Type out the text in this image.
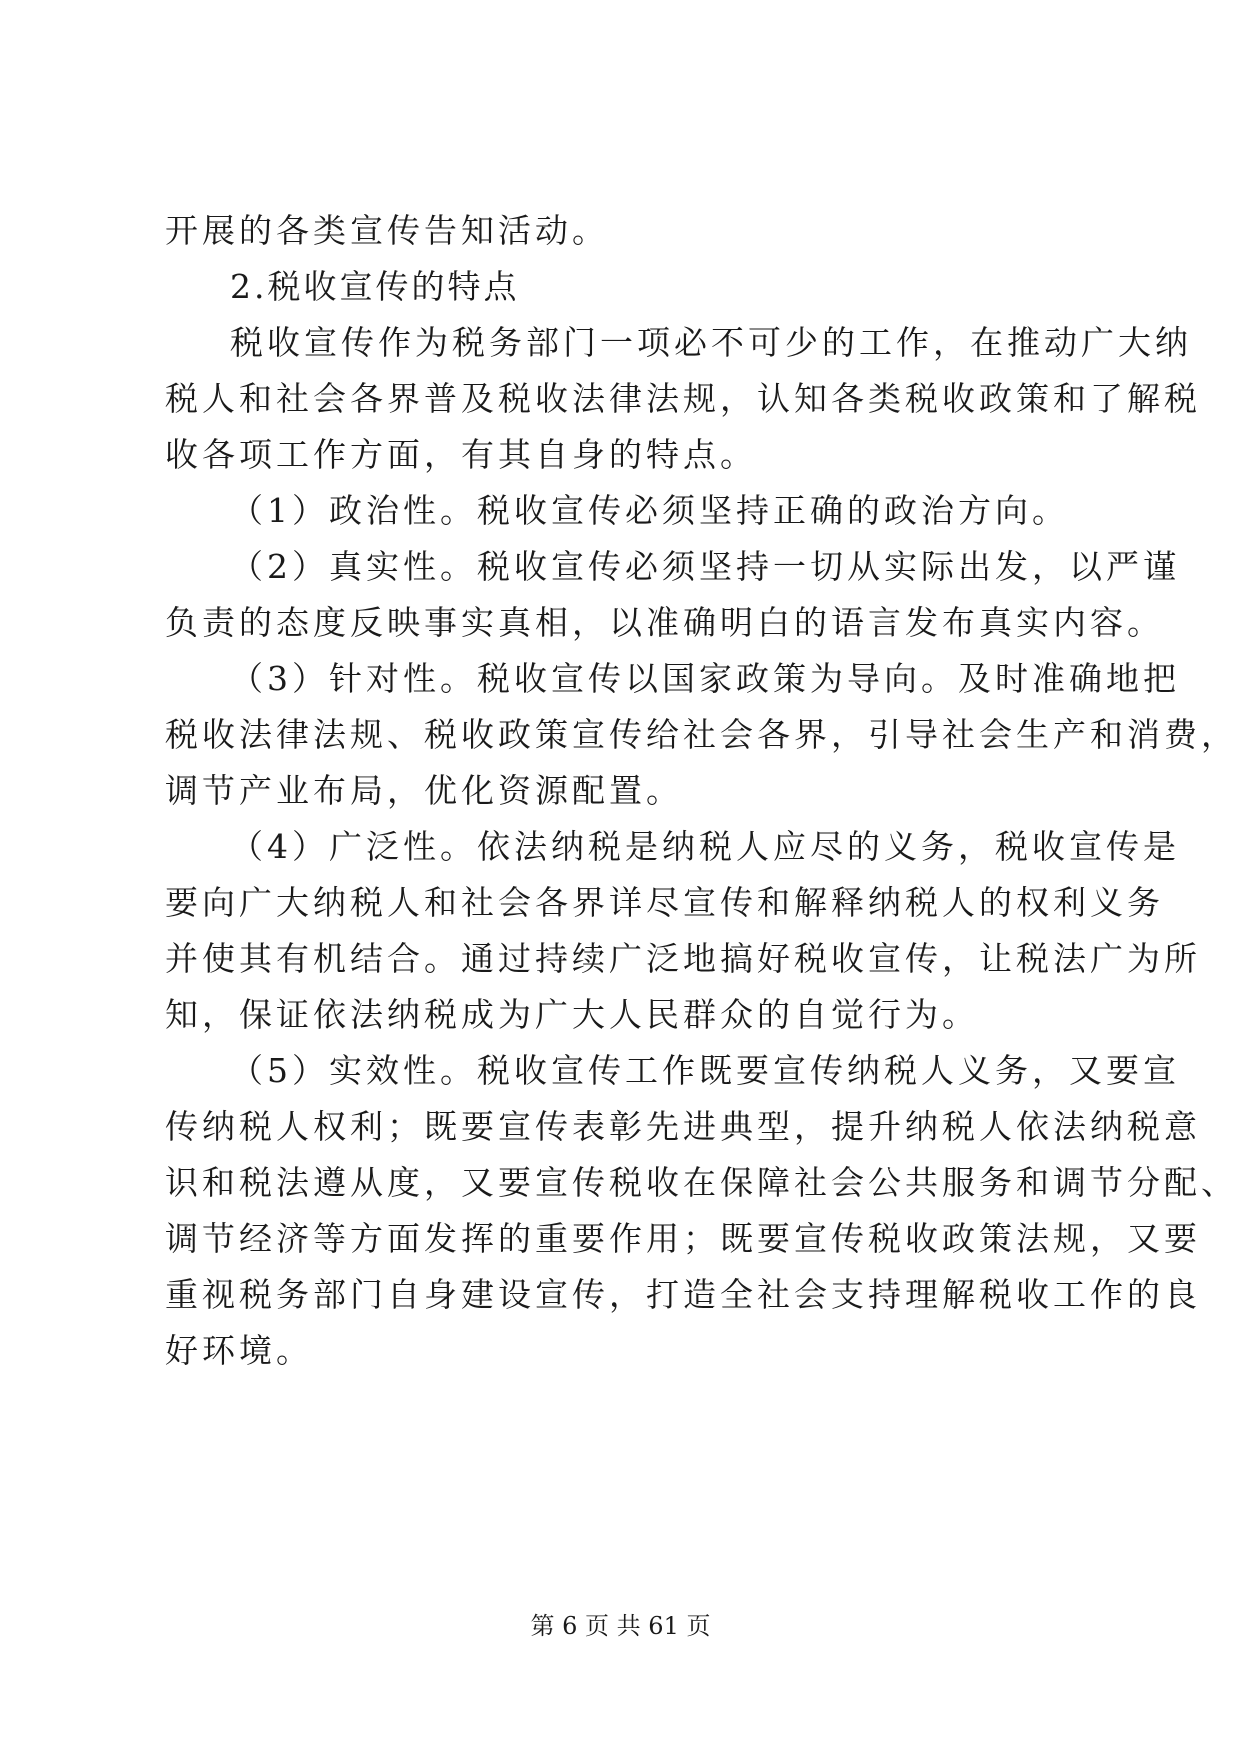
开展的各类宣传告知活动。
2.税收宣传的特点
税收宣传作为税务部门一项必不可少的工作，在推动广大纳
税人和社会各界普及税收法律法规，认知各类税收政策和了解税
收各项工作方面，有其自身的特点。
（1）政治性。税收宣传必须坚持正确的政治方向。
（2）真实性。税收宣传必须坚持一切从实际出发，以严谨
负责的态度反映事实真相，以准确明白的语言发布真实内容。
（3）针对性。税收宣传以国家政策为导向。及时准确地把
税收法律法规、税收政策宣传给社会各界，引导社会生产和消费，
调节产业布局，优化资源配置。
（4）广泛性。依法纳税是纳税人应尽的义务，税收宣传是
要向广大纳税人和社会各界详尽宣传和解释纳税人的权利义务
并使其有机结合。通过持续广泛地搞好税收宣传，让税法广为所
知，保证依法纳税成为广大人民群众的自觉行为。
（5）实效性。税收宣传工作既要宣传纳税人义务，又要宣
传纳税人权利；既要宣传表彰先进典型，提升纳税人依法纳税意
识和税法遵从度，又要宣传税收在保障社会公共服务和调节分配、
调节经济等方面发挥的重要作用；既要宣传税收政策法规，又要
重视税务部门自身建设宣传，打造全社会支持理解税收工作的良
好环境。
第 6 页 共 61 页
